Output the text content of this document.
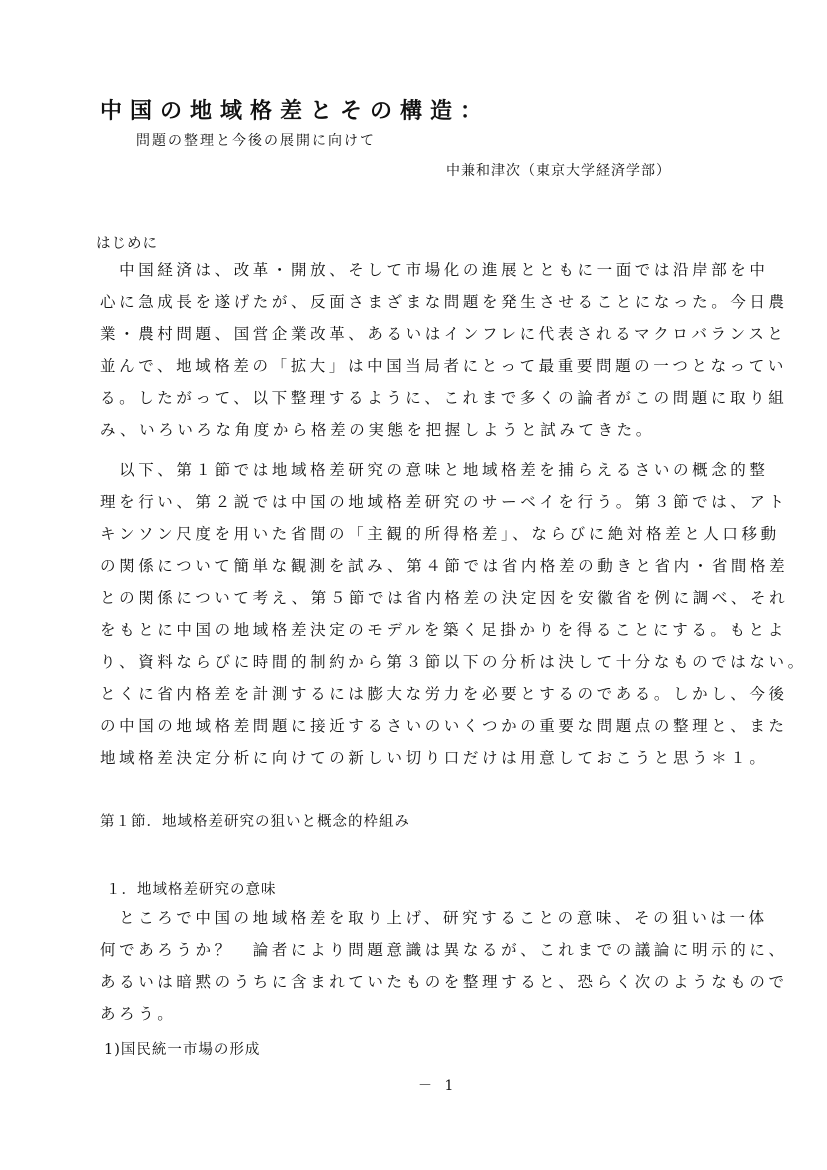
中国の地域格差とその構造：
問題の整理と今後の展開に向けて
中兼和津次（東京大学経済学部）
はじめに
　中国経済は、改革・開放、そして市場化の進展とともに一面では沿岸部を中
心に急成長を遂げたが、反面さまざまな問題を発生させることになった。今日農
業・農村問題、国営企業改革、あるいはインフレに代表されるマクロバランスと
並んで、地域格差の「拡大」は中国当局者にとって最重要問題の一つとなってい
る。したがって、以下整理するように、これまで多くの論者がこの問題に取り組
み、いろいろな角度から格差の実態を把握しようと試みてきた。
　以下、第１節では地域格差研究の意味と地域格差を捕らえるさいの概念的整
理を行い、第２説では中国の地域格差研究のサーベイを行う。第３節では、アト
キンソン尺度を用いた省間の「主観的所得格差」、ならびに絶対格差と人口移動
の関係について簡単な観測を試み、第４節では省内格差の動きと省内・省間格差
との関係について考え、第５節では省内格差の決定因を安徽省を例に調べ、それ
をもとに中国の地域格差決定のモデルを築く足掛かりを得ることにする。もとよ
り、資料ならびに時間的制約から第３節以下の分析は決して十分なものではない。
とくに省内格差を計測するには膨大な労力を必要とするのである。しかし、今後
の中国の地域格差問題に接近するさいのいくつかの重要な問題点の整理と、また
地域格差決定分析に向けての新しい切り口だけは用意しておこうと思う＊１。
第１節．地域格差研究の狙いと概念的枠組み
１．地域格差研究の意味
　ところで中国の地域格差を取り上げ、研究することの意味、その狙いは一体
何であろうか？　論者により問題意識は異なるが、これまでの議論に明示的に、
あるいは暗黙のうちに含まれていたものを整理すると、恐らく次のようなもので
あろう。
1)国民統一市場の形成
－ 1
